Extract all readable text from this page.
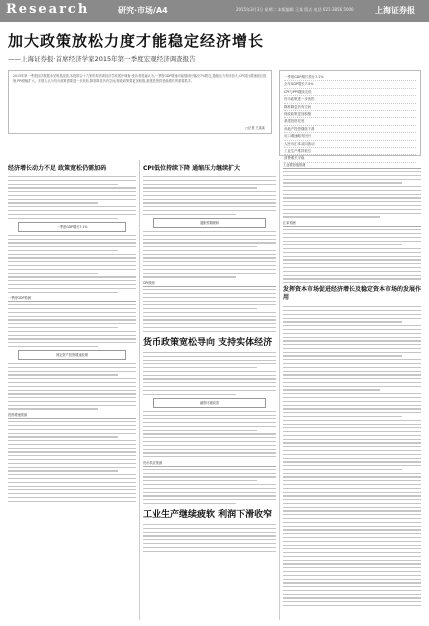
Research	研究·市场/A4	2015年3月3日 星期二 本版编辑 王某 版式 电话 021-3856 5000	上海证券报
加大政策放松力度才能稳定经济增长
——上海证券报·首席经济学家2015年第一季度宏观经济调查报告
2015年第一季度经济数据未见明显改善,本报联合十九家机构首席经济学家展开调查:受访者普遍认为,一季度GDP增速可能继续回落至7%附近,通缩压力有所加大,CPI同比增速低位徘徊,PPI跌幅扩大。多数人认为货币政策需要进一步放松,降准降息仍有空间,财政政策要更加积极,基建投资将是稳增长的重要抓手。
□记者 王某某
一季度GDP增长预计7.1%
全年GDP增长7.0%
CPI与PPI继续走低
货币政策进一步放松
降准降息仍有空间
财政政策更加积极
基建投资托底
房地产投资继续下滑
出口增速略有回升
人民币汇率双向波动
工业生产维持低位
消费增长平稳
经济增长动力不足 政策宽松仍需加码
一季度GDP增长7.1%
一季度GDP预测
固定资产投资增速放缓
投资增速预测
CPI低位持续下降 通缩压力继续扩大
通胀预期缓和
CPI预测
货币政策宽松导向 支持实体经济
融资环境改善
货币供应预测
工业生产继续疲软 利润下滑收窄
工业增加值预测
汇率预测
发挥资本市场促进经济增长及稳定资本市场的发展作用
